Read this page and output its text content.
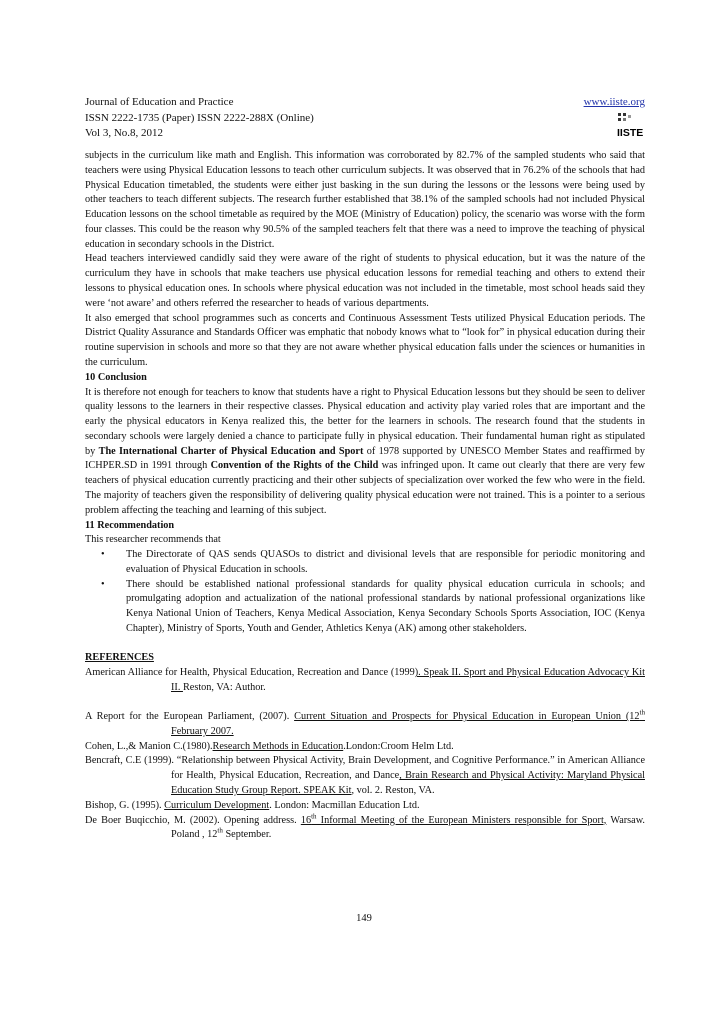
Journal of Education and Practice
ISSN 2222-1735 (Paper) ISSN 2222-288X (Online)
Vol 3, No.8, 2012
www.iiste.org
IISTE

subjects in the curriculum like math and English. This information was corroborated by 82.7% of the sampled students who said that teachers were using Physical Education lessons to teach other curriculum subjects. It was observed that in 76.2% of the schools that had Physical Education timetabled, the students were either just basking in the sun during the lessons or the lessons were being used by other teachers to teach different subjects. The research further established that 38.1% of the sampled schools had not included Physical Education lessons on the school timetable as required by the MOE (Ministry of Education) policy, the scenario was worse with the form four classes. This could be the reason why 90.5% of the sampled teachers felt that there was a need to improve the teaching of physical education in secondary schools in the District.

Head teachers interviewed candidly said they were aware of the right of students to physical education, but it was the nature of the curriculum they have in schools that make teachers use physical education lessons for remedial teaching and others to extend their lessons to physical education ones. In schools where physical education was not included in the timetable, most school heads said they were ‘not aware’ and others referred the researcher to heads of various departments.

It also emerged that school programmes such as concerts and Continuous Assessment Tests utilized Physical Education periods. The District Quality Assurance and Standards Officer was emphatic that nobody knows what to “look for” in physical education during their routine supervision in schools and more so that they are not aware whether physical education falls under the sciences or humanities in the curriculum.

10 Conclusion

It is therefore not enough for teachers to know that students have a right to Physical Education lessons but they should be seen to deliver quality lessons to the learners in their respective classes. Physical education and activity play varied roles that are important and the early the physical educators in Kenya realized this, the better for the learners in schools. The research found that the students in secondary schools were largely denied a chance to participate fully in physical education. Their fundamental human right as stipulated by The International Charter of Physical Education and Sport of 1978 supported by UNESCO Member States and reaffirmed by ICHPER.SD in 1991 through Convention of the Rights of the Child was infringed upon. It came out clearly that there are very few teachers of physical education currently practicing and their other subjects of specialization over worked the few who were in the field. The majority of teachers given the responsibility of delivering quality physical education were not trained. This is a pointer to a serious problem affecting the teaching and learning of this subject.

11 Recommendation

This researcher recommends that

• The Directorate of QAS sends QUASOs to district and divisional levels that are responsible for periodic monitoring and evaluation of Physical Education in schools.
• There should be established national professional standards for quality physical education curricula in schools; and promulgating adoption and actualization of the national professional standards by national professional organizations like Kenya National Union of Teachers, Kenya Medical Association, Kenya Secondary Schools Sports Association, IOC (Kenya Chapter), Ministry of Sports, Youth and Gender, Athletics Kenya (AK) among other stakeholders.

REFERENCES

American Alliance for Health, Physical Education, Recreation and Dance (1999). Speak II. Sport and Physical Education Advocacy Kit II. Reston, VA: Author.

A Report for the European Parliament, (2007). Current Situation and Prospects for Physical Education in European Union (12th February 2007.

Cohen, L.,& Manion C.(1980).Research Methods in Education.London:Croom Helm Ltd.

Bencraft, C.E (1999). “Relationship between Physical Activity, Brain Development, and Cognitive Performance.” in American Alliance for Health, Physical Education, Recreation, and Dance, Brain Research and Physical Activity: Maryland Physical Education Study Group Report. SPEAK Kit, vol. 2. Reston, VA.

Bishop, G. (1995). Curriculum Development. London: Macmillan Education Ltd.

De Boer Buqicchio, M. (2002). Opening address. 16th Informal Meeting of the European Ministers responsible for Sport, Warsaw. Poland , 12th September.

149
